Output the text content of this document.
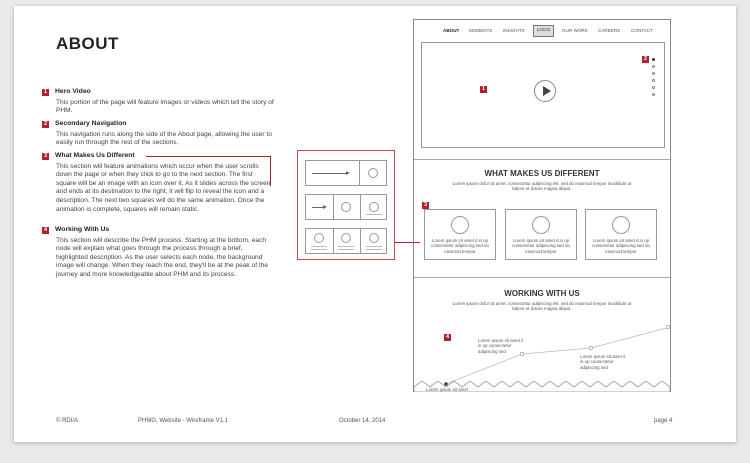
ABOUT
1 Hero Video
This portion of the page will feature images or videos which tell the story of PHM.
2 Secondary Navigation
This navigation runs along the side of the About page, allowing the user to easily run through the rest of the sections.
3 What Makes Us Different
This section will feature animations which occur when the user scrolls down the page or when they click to go to the next section. The first square will be an image with an icon over it. As it slides across the screen and ends at its destination to the right, it will flip to reveal the icon and a description. The next two squares will do the same animation. Once the animation is complete, squares will remain static.
4 Working With Us
This section will describe the PHM process. Starting at the bottom, each node will explain what goes through the process through a brief, highlighted description. As the user selects each node, the background image will change. When they reach the end, they'll be at the peak of the journey and more knowledgeable about PHM and its process.
ABOUT MOMENTS INSIGHTS	LOGO	OUR WORK CAREERS CONTACT
1
2
WHAT MAKES US DIFFERENT
Lorem ipsum dolor sit amet, consectetur adipiscing elit, sed do eiusmod tempor incididunt ut labore et dolore magna aliqua.
3
Lorem ipsum sit amet it in op consectetur adipiscing sed do eiusmod tempor
Lorem ipsum sit amet it in op consectetur adipiscing sed do eiusmod tempor
Lorem ipsum sit amet it in op consectetur adipiscing sed do eiusmod tempor
WORKING WITH US
Lorem ipsum dolor sit amet, consectetur adipiscing elit, sed do eiusmod tempor incididunt ut labore et dolore magna aliqua.
4
Lorem ipsum sit amet
Lorem ipsum sit amet it in op consectetur adipiscing sed
Lorem ipsum sit amet it in op consectetur adipiscing sed
© RDI/A	PHMG, Website - Wireframe V1.1	October 14, 2014	page 4
